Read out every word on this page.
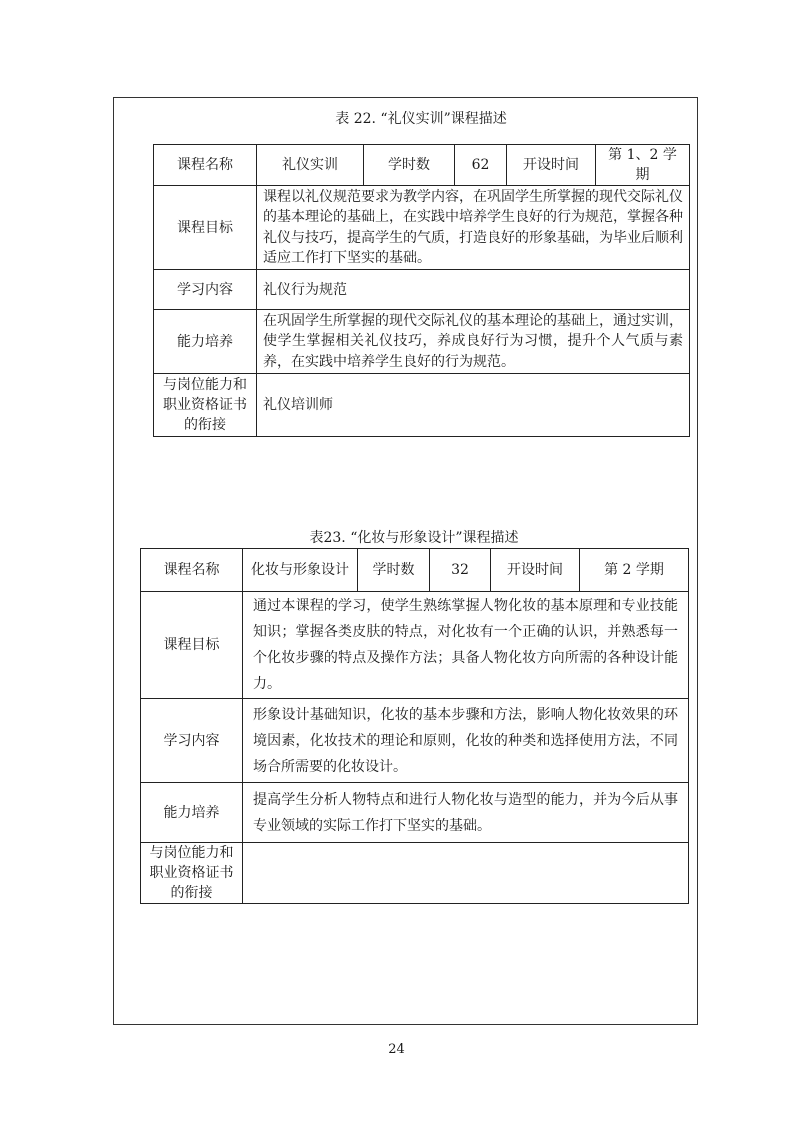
表 22. “礼仪实训”课程描述
课程名称	礼仪实训	学时数	62	开设时间	第 1、2 学期
课程目标	课程以礼仪规范要求为教学内容，在巩固学生所掌握的现代交际礼仪的基本理论的基础上，在实践中培养学生良好的行为规范，掌握各种礼仪与技巧，提高学生的气质，打造良好的形象基础，为毕业后顺利适应工作打下坚实的基础。				
学习内容	礼仪行为规范				
能力培养	在巩固学生所掌握的现代交际礼仪的基本理论的基础上，通过实训，使学生掌握相关礼仪技巧，养成良好行为习惯，提升个人气质与素养，在实践中培养学生良好的行为规范。				
与岗位能力和职业资格证书的衔接	礼仪培训师				
表23. “化妆与形象设计”课程描述
课程名称	化妆与形象设计	学时数	32	开设时间	第 2 学期
课程目标	通过本课程的学习，使学生熟练掌握人物化妆的基本原理和专业技能知识；掌握各类皮肤的特点，对化妆有一个正确的认识，并熟悉每一个化妆步骤的特点及操作方法；具备人物化妆方向所需的各种设计能力。				
学习内容	形象设计基础知识，化妆的基本步骤和方法，影响人物化妆效果的环境因素，化妆技术的理论和原则，化妆的种类和选择使用方法，不同场合所需要的化妆设计。				
能力培养	提高学生分析人物特点和进行人物化妆与造型的能力，并为今后从事专业领域的实际工作打下坚实的基础。				
与岗位能力和职业资格证书的衔接					
24
